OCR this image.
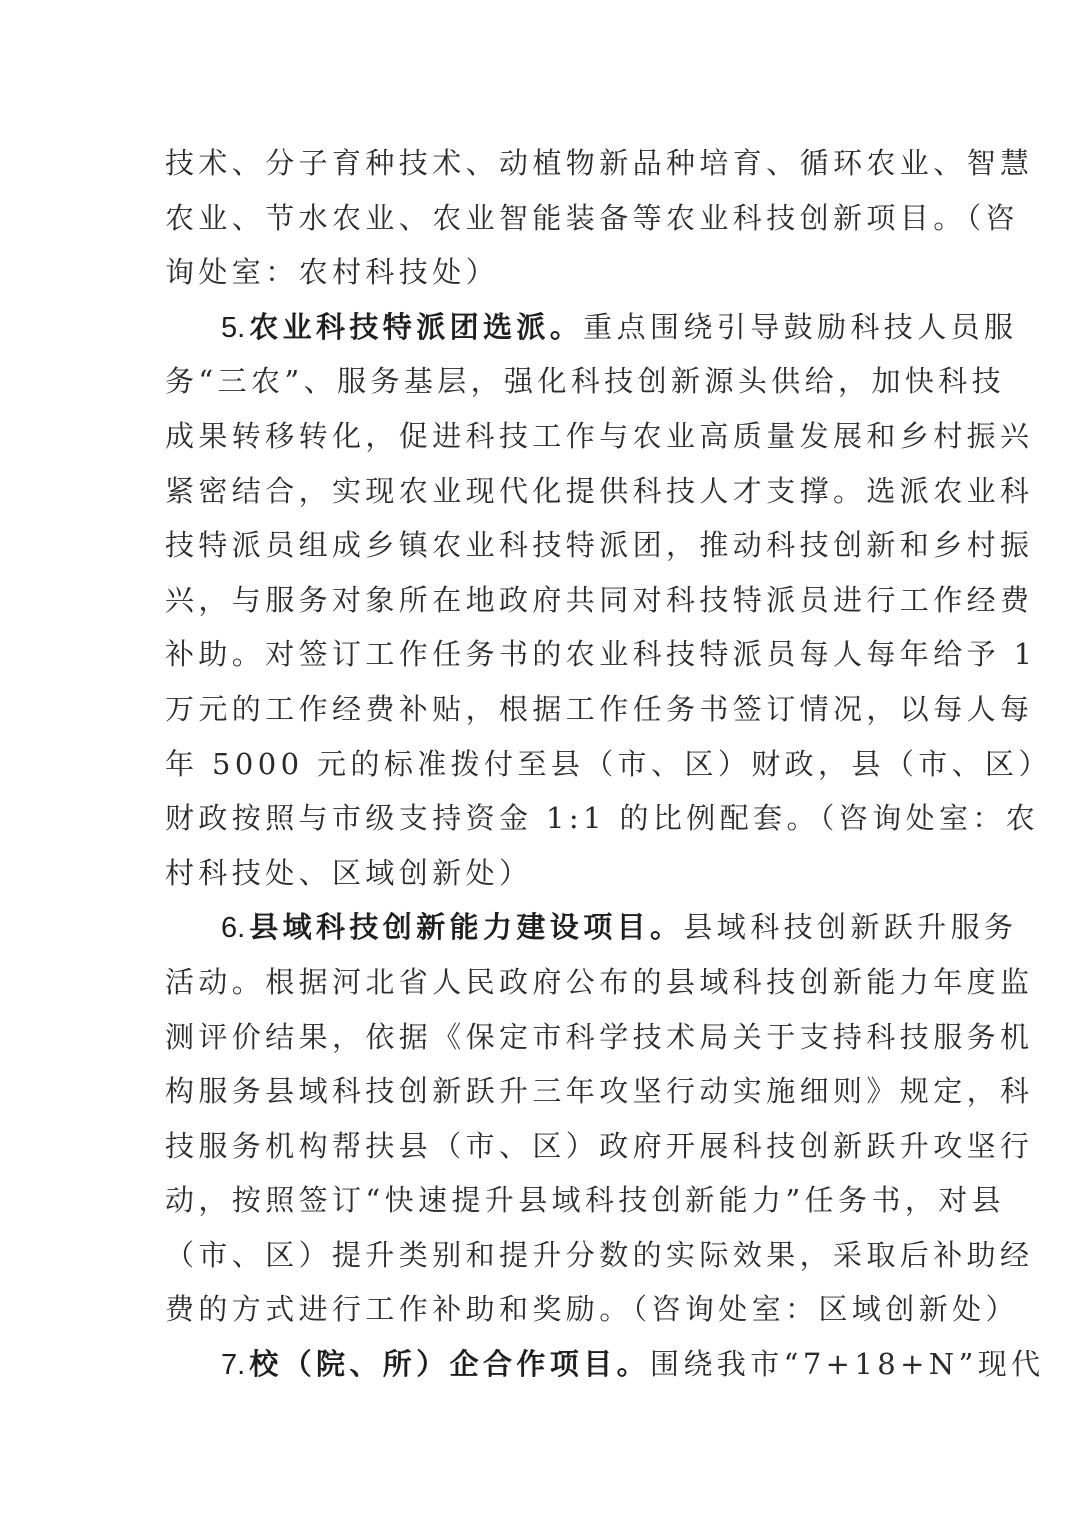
技术、分子育种技术、动植物新品种培育、循环农业、智慧
农业、节水农业、农业智能装备等农业科技创新项目。（咨
询处室：农村科技处）
5. 农业科技特派团选派。重点围绕引导鼓励科技人员服
务“三农”、服务基层，强化科技创新源头供给，加快科技
成果转移转化，促进科技工作与农业高质量发展和乡村振兴
紧密结合，实现农业现代化提供科技人才支撑。选派农业科
技特派员组成乡镇农业科技特派团，推动科技创新和乡村振
兴，与服务对象所在地政府共同对科技特派员进行工作经费
补助。对签订工作任务书的农业科技特派员每人每年给予 1
万元的工作经费补贴，根据工作任务书签订情况，以每人每
年 5000 元的标准拨付至县（市、区）财政，县（市、区）
财政按照与市级支持资金 1:1 的比例配套。（咨询处室：农
村科技处、区域创新处）
6. 县域科技创新能力建设项目。县域科技创新跃升服务
活动。根据河北省人民政府公布的县域科技创新能力年度监
测评价结果，依据《保定市科学技术局关于支持科技服务机
构服务县域科技创新跃升三年攻坚行动实施细则》规定，科
技服务机构帮扶县（市、区）政府开展科技创新跃升攻坚行
动，按照签订“快速提升县域科技创新能力”任务书，对县
（市、区）提升类别和提升分数的实际效果，采取后补助经
费的方式进行工作补助和奖励。（咨询处室：区域创新处）
7. 校（院、所）企合作项目。围绕我市“7+18+N”现代
